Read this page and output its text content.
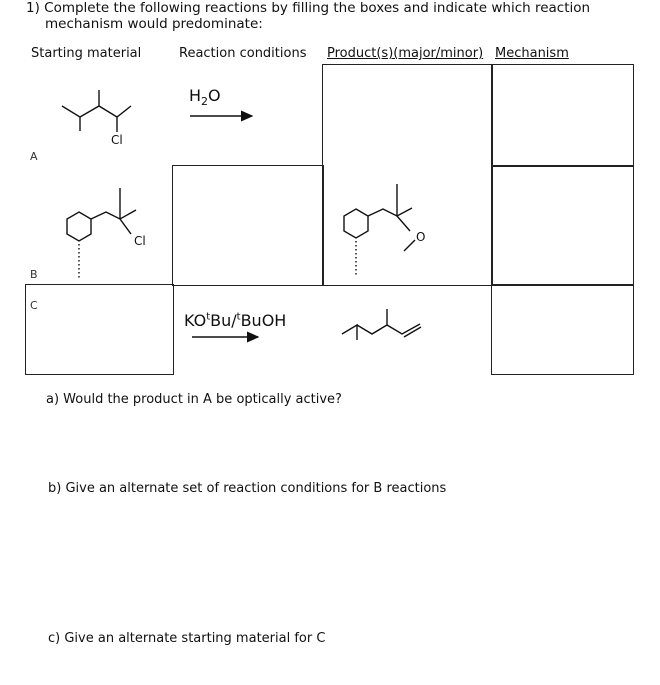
1) Complete the following reactions by filling the boxes and indicate which reaction
mechanism would predominate:
Starting material	Reaction conditions Product(s)(major/minor) Mechanism
A
B
C
$H_2O$
$KO^tBu/^tBuOH$
Cl
Cl	O
a) Would the product in A be optically active?
b) Give an alternate set of reaction conditions for B reactions
c) Give an alternate starting material for C
